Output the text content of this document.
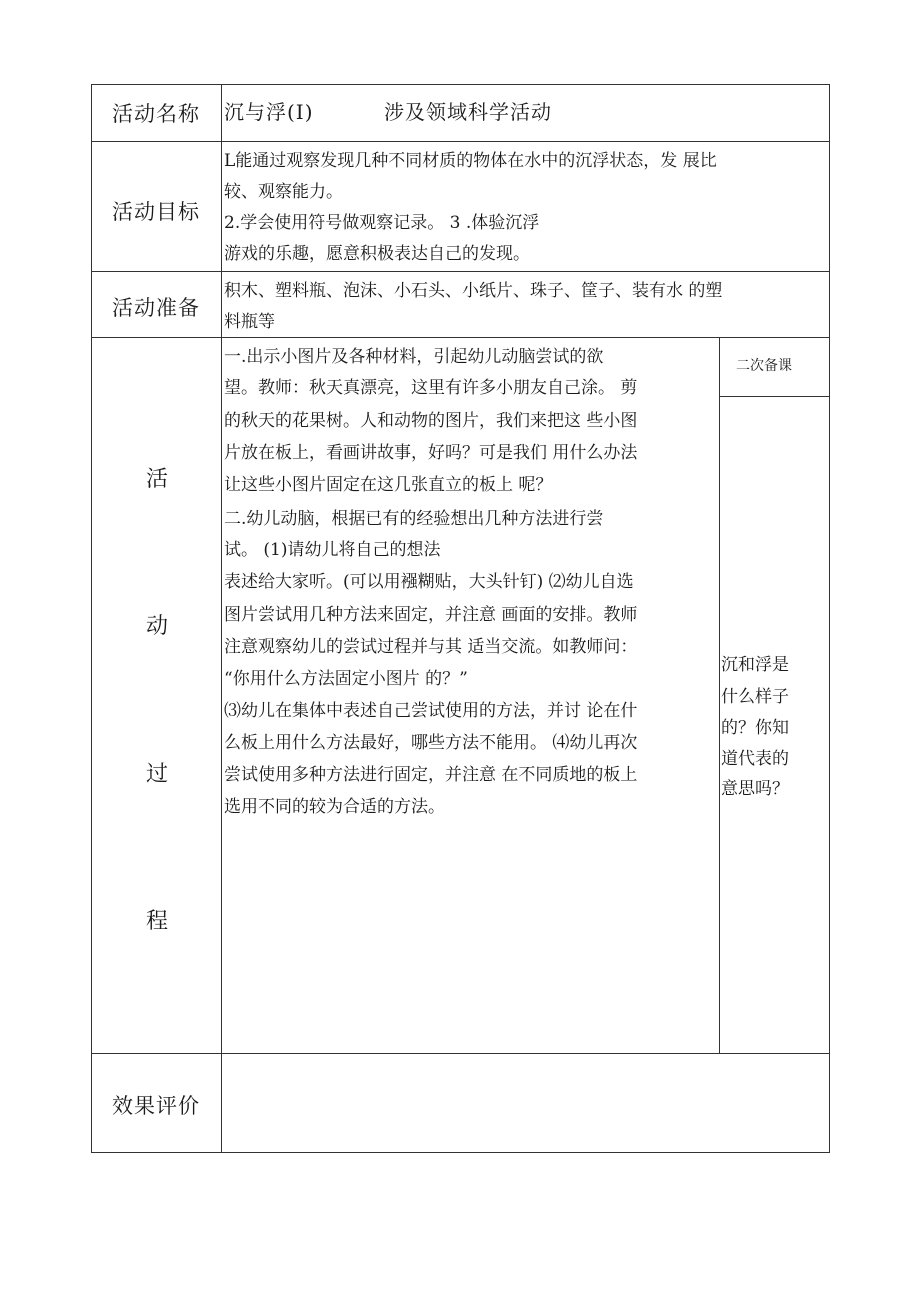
活动名称 沉与浮(I)	涉及领域科学活动
活动目标
L能通过观察发现几种不同材质的物体在水中的沉浮状态，发 展比
较、观察能力。
2.学会使用符号做观察记录。 3 .体验沉浮
游戏的乐趣，愿意积极表达自己的发现。
活动准备
积木、塑料瓶、泡沫、小石头、小纸片、珠子、筐子、装有水 的塑
料瓶等
活
动
过
程
一.出示小图片及各种材料，引起幼儿动脑尝试的欲
望。教师：秋天真漂亮，这里有许多小朋友自己涂。 剪
的秋天的花果树。人和动物的图片，我们来把这 些小图
片放在板上，看画讲故事，好吗？可是我们 用什么办法
让这些小图片固定在这几张直立的板上 呢？
二.幼儿动脑，根据已有的经验想出几种方法进行尝
试。 (1)请幼儿将自己的想法
表述给大家听。(可以用襁糊贴，大头针钉) ⑵幼儿自选
图片尝试用几种方法来固定，并注意 画面的安排。教师
注意观察幼儿的尝试过程并与其 适当交流。如教师问：
“你用什么方法固定小图片 的？”
⑶幼儿在集体中表述自己尝试使用的方法，并讨 论在什
么板上用什么方法最好，哪些方法不能用。 ⑷幼儿再次
尝试使用多种方法进行固定，并注意 在不同质地的板上
选用不同的较为合适的方法。
二次备课
沉和浮是
什么样子
的？你知
道代表的
意思吗？
效果评价
